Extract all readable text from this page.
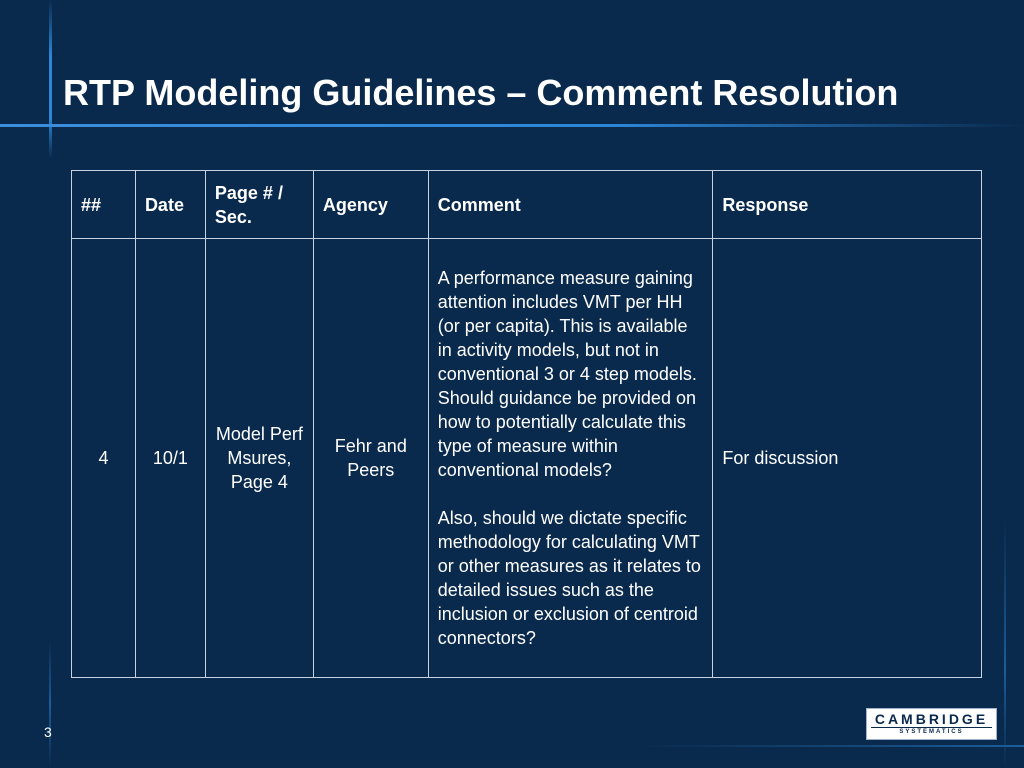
RTP Modeling Guidelines – Comment Resolution
##	Date	Page # / Sec.	Agency	Comment	Response
4	10/1	Model Perf Msures, Page 4	Fehr and Peers	A performance measure gaining attention includes VMT per HH (or per capita). This is available in activity models, but not in conventional 3 or 4 step models. Should guidance be provided on how to potentially calculate this type of measure within conventional models?

Also, should we dictate specific methodology for calculating VMT or other measures as it relates to detailed issues such as the inclusion or exclusion of centroid connectors?	For discussion
3
CAMBRIDGE
SYSTEMATICS
